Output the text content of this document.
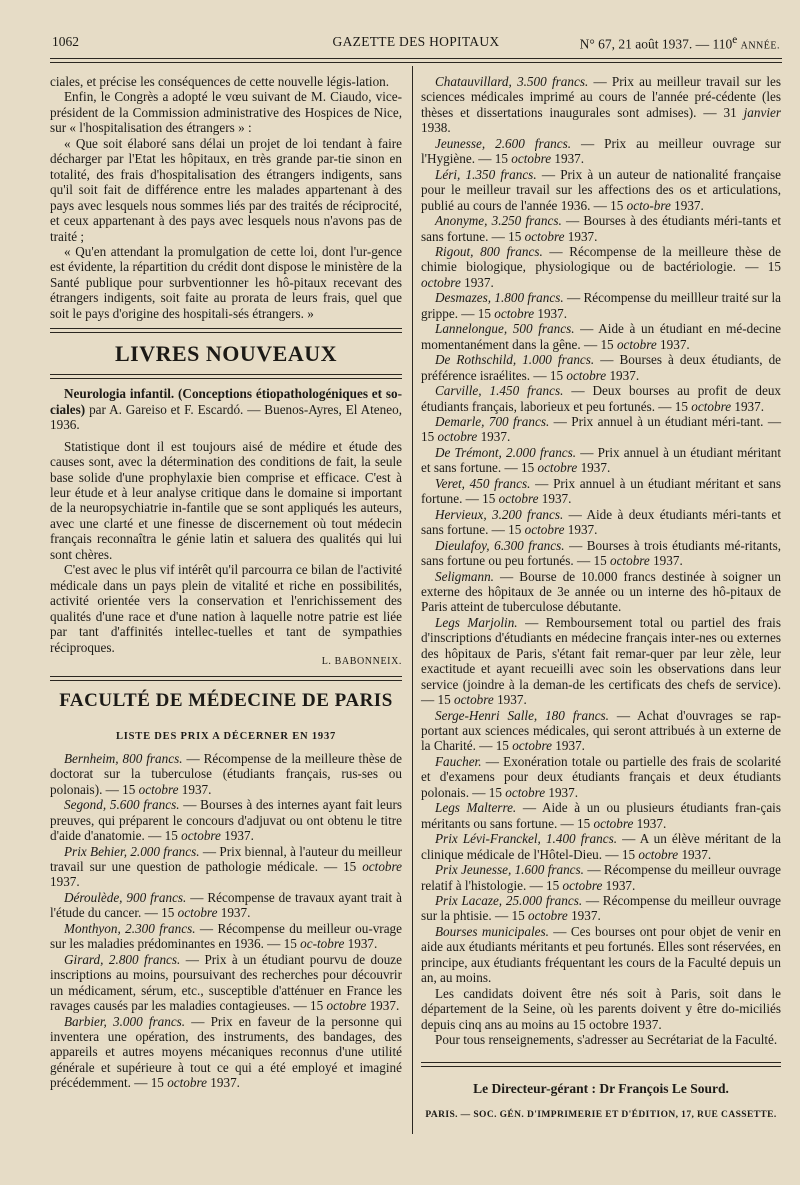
1062	GAZETTE DES HOPITAUX	N° 67, 21 août 1937. — 110e ANNÉE.

ciales, et précise les conséquences de cette nouvelle légis-lation.

Enfin, le Congrès a adopté le vœu suivant de M. Ciaudo, vice-président de la Commission administrative des Hospices de Nice, sur « l'hospitalisation des étrangers » :

« Que soit élaboré sans délai un projet de loi tendant à faire décharger par l'Etat les hôpitaux, en très grande par-tie sinon en totalité, des frais d'hospitalisation des étrangers indigents, sans qu'il soit fait de différence entre les malades appartenant à des pays avec lesquels nous sommes liés par des traités de réciprocité, et ceux appartenant à des pays avec lesquels nous n'avons pas de traité ;

« Qu'en attendant la promulgation de cette loi, dont l'ur-gence est évidente, la répartition du crédit dont dispose le ministère de la Santé publique pour surbventionner les hô-pitaux recevant des étrangers indigents, soit faite au prorata de leurs frais, quel que soit le pays d'origine des hospitali-sés étrangers. »

LIVRES NOUVEAUX

Neurologia infantil. (Conceptions étiopathologéniques et so-ciales) par A. Gareiso et F. Escardó. — Buenos-Ayres, El Ateneo, 1936.

Statistique dont il est toujours aisé de médire et étude des causes sont, avec la détermination des conditions de fait, la seule base solide d'une prophylaxie bien comprise et efficace. C'est à leur étude et à leur analyse critique dans le domaine si important de la neuropsychiatrie in-fantile que se sont appliqués les auteurs, avec une clarté et une finesse de discernement où tout médecin français reconnaîtra le génie latin et saluera des qualités qui lui sont chères.

C'est avec le plus vif intérêt qu'il parcourra ce bilan de l'activité médicale dans un pays plein de vitalité et riche en possibilités, activité orientée vers la conservation et l'enrichissement des qualités d'une race et d'une nation à laquelle notre patrie est liée par tant d'affinités intellec-tuelles et tant de sympathies réciproques.

L. BABONNEIX.
FACULTÉ DE MÉDECINE DE PARIS
LISTE DES PRIX A DÉCERNER EN 1937

Bernheim, 800 francs. — Récompense de la meilleure thèse de doctorat sur la tuberculose (étudiants français, rus-ses ou polonais). — 15 octobre 1937.

Segond, 5.600 francs. — Bourses à des internes ayant fait leurs preuves, qui préparent le concours d'adjuvat ou ont obtenu le titre d'aide d'anatomie. — 15 octobre 1937.

Prix Behier, 2.000 francs. — Prix biennal, à l'auteur du meilleur travail sur une question de pathologie médicale. — 15 octobre 1937.

Déroulède, 900 francs. — Récompense de travaux ayant trait à l'étude du cancer. — 15 octobre 1937.

Monthyon, 2.300 francs. — Récompense du meilleur ou-vrage sur les maladies prédominantes en 1936. — 15 oc-tobre 1937.

Girard, 2.800 francs. — Prix à un étudiant pourvu de douze inscriptions au moins, poursuivant des recherches pour découvrir un médicament, sérum, etc., susceptible d'atténuer en France les ravages causés par les maladies contagieuses. — 15 octobre 1937.

Barbier, 3.000 francs. — Prix en faveur de la personne qui inventera une opération, des instruments, des bandages, des appareils et autres moyens mécaniques reconnus d'une utilité générale et supérieure à tout ce qui a été employé et imaginé précédemment. — 15 octobre 1937.

Chatauvillard, 3.500 francs. — Prix au meilleur travail sur les sciences médicales imprimé au cours de l'année pré-cédente (les thèses et dissertations inaugurales sont admises). — 31 janvier 1938.

Jeunesse, 2.600 francs. — Prix au meilleur ouvrage sur l'Hygiène. — 15 octobre 1937.

Léri, 1.350 francs. — Prix à un auteur de nationalité française pour le meilleur travail sur les affections des os et articulations, publié au cours de l'année 1936. — 15 octo-bre 1937.

Anonyme, 3.250 francs. — Bourses à des étudiants méri-tants et sans fortune. — 15 octobre 1937.

Rigout, 800 francs. — Récompense de la meilleure thèse de chimie biologique, physiologique ou de bactériologie. — 15 octobre 1937.

Desmazes, 1.800 francs. — Récompense du meillleur traité sur la grippe. — 15 octobre 1937.

Lannelongue, 500 francs. — Aide à un étudiant en mé-decine momentanément dans la gêne. — 15 octobre 1937.

De Rothschild, 1.000 francs. — Bourses à deux étudiants, de préférence israélites. — 15 octobre 1937.

Carville, 1.450 francs. — Deux bourses au profit de deux étudiants français, laborieux et peu fortunés. — 15 octobre 1937.

Demarle, 700 francs. — Prix annuel à un étudiant méri-tant. — 15 octobre 1937.

De Trémont, 2.000 francs. — Prix annuel à un étudiant méritant et sans fortune. — 15 octobre 1937.

Veret, 450 francs. — Prix annuel à un étudiant méritant et sans fortune. — 15 octobre 1937.

Hervieux, 3.200 francs. — Aide à deux étudiants méri-tants et sans fortune. — 15 octobre 1937.

Dieulafoy, 6.300 francs. — Bourses à trois étudiants mé-ritants, sans fortune ou peu fortunés. — 15 octobre 1937.

Seligmann. — Bourse de 10.000 francs destinée à soigner un externe des hôpitaux de 3e année ou un interne des hô-pitaux de Paris atteint de tuberculose débutante.

Legs Marjolin. — Remboursement total ou partiel des frais d'inscriptions d'étudiants en médecine français inter-nes ou externes des hôpitaux de Paris, s'étant fait remar-quer par leur zèle, leur exactitude et ayant recueilli avec soin les observations dans leur service (joindre à la deman-de les certificats des chefs de service). — 15 octobre 1937.

Serge-Henri Salle, 180 francs. — Achat d'ouvrages se rap-portant aux sciences médicales, qui seront attribués à un externe de la Charité. — 15 octobre 1937.

Faucher. — Exonération totale ou partielle des frais de scolarité et d'examens pour deux étudiants français et deux étudiants polonais. — 15 octobre 1937.

Legs Malterre. — Aide à un ou plusieurs étudiants fran-çais méritants ou sans fortune. — 15 octobre 1937.

Prix Lévi-Franckel, 1.400 francs. — A un élève méritant de la clinique médicale de l'Hôtel-Dieu. — 15 octobre 1937.

Prix Jeunesse, 1.600 francs. — Récompense du meilleur ouvrage relatif à l'histologie. — 15 octobre 1937.

Prix Lacaze, 25.000 francs. — Récompense du meilleur ouvrage sur la phtisie. — 15 octobre 1937.

Bourses municipales. — Ces bourses ont pour objet de venir en aide aux étudiants méritants et peu fortunés. Elles sont réservées, en principe, aux étudiants fréquentant les cours de la Faculté depuis un an, au moins.

Les candidats doivent être nés soit à Paris, soit dans le département de la Seine, où les parents doivent y être do-miciliés depuis cinq ans au moins au 15 octobre 1937.

Pour tous renseignements, s'adresser au Secrétariat de la Faculté.

Le Directeur-gérant : Dr François Le Sourd.
PARIS. — SOC. GÉN. D'IMPRIMERIE ET D'ÉDITION, 17, RUE CASSETTE.
